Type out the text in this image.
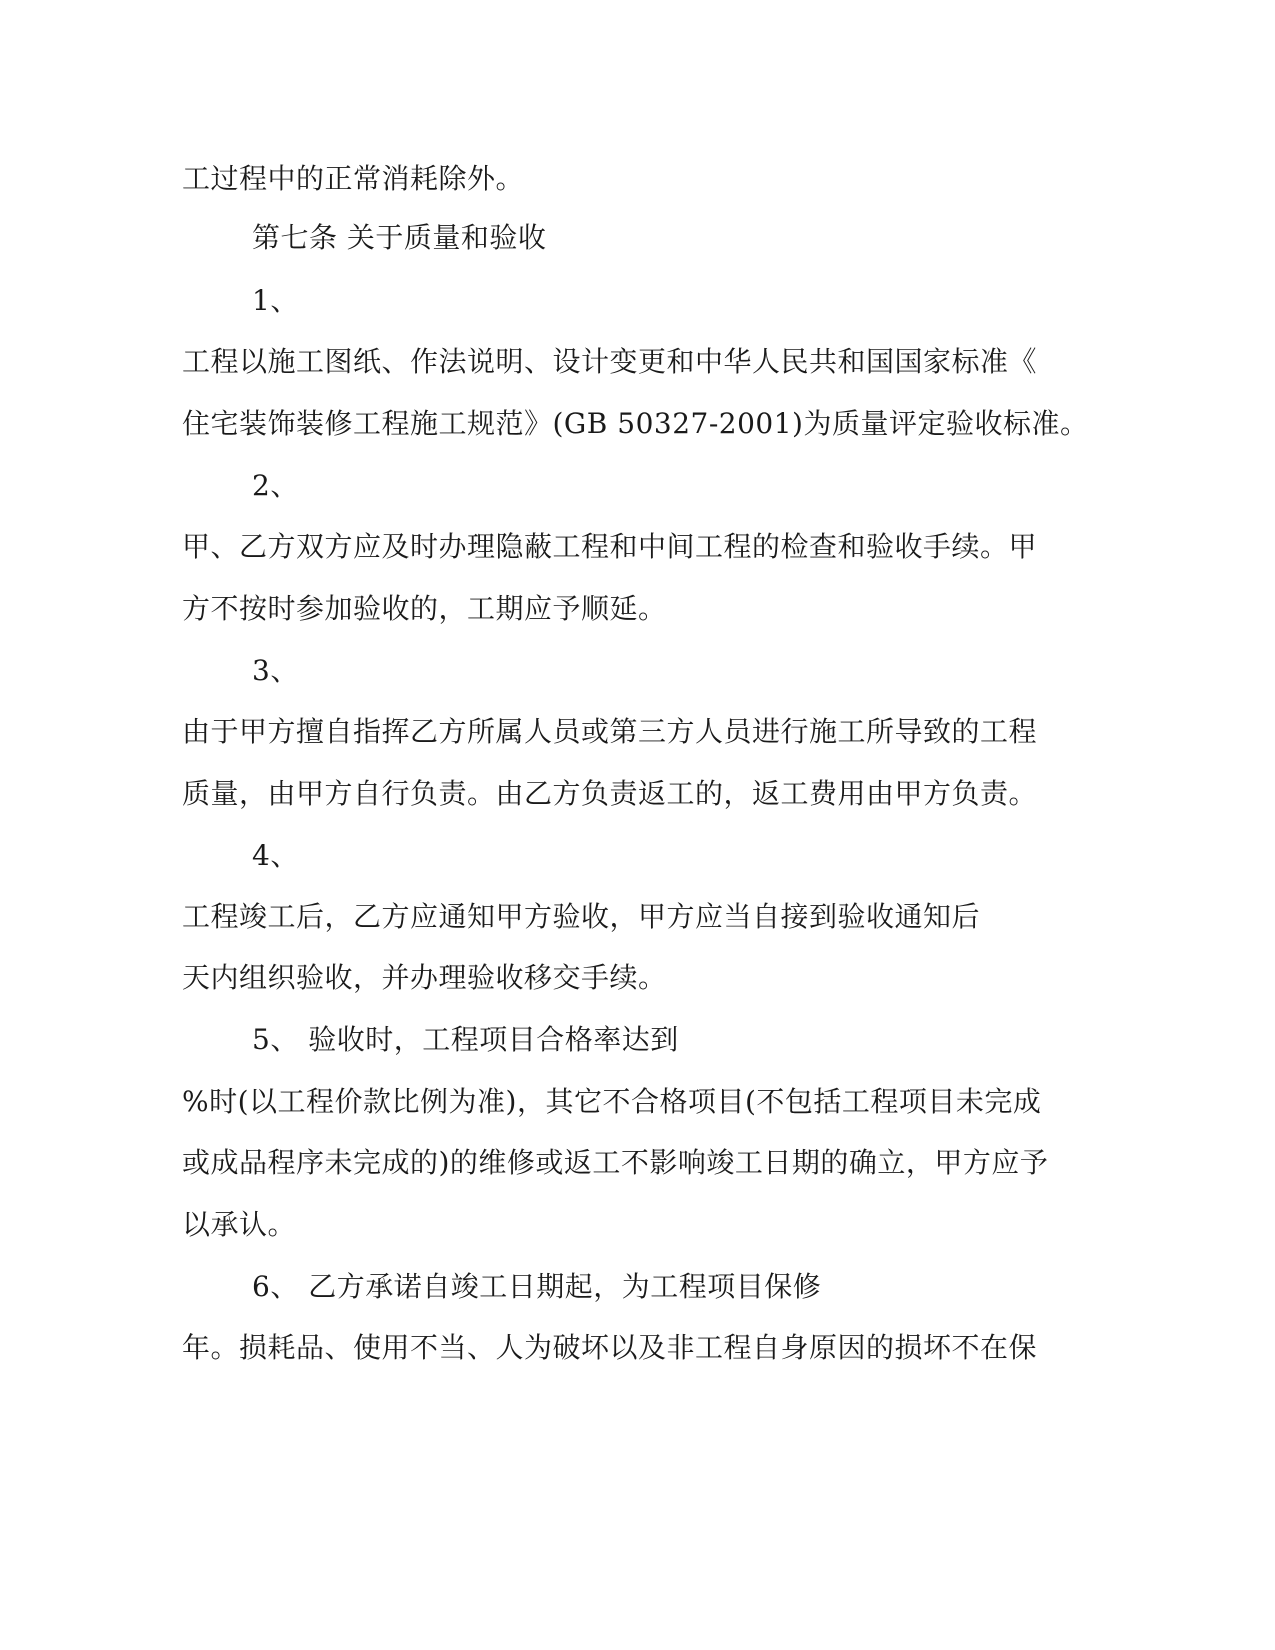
工过程中的正常消耗除外。
第七条 关于质量和验收
1、
工程以施工图纸、作法说明、设计变更和中华人民共和国国家标准《
住宅装饰装修工程施工规范》(GB 50327-2001)为质量评定验收标准。
2、
甲、乙方双方应及时办理隐蔽工程和中间工程的检查和验收手续。甲
方不按时参加验收的，工期应予顺延。
3、
由于甲方擅自指挥乙方所属人员或第三方人员进行施工所导致的工程
质量，由甲方自行负责。由乙方负责返工的，返工费用由甲方负责。
4、
工程竣工后，乙方应通知甲方验收，甲方应当自接到验收通知后
天内组织验收，并办理验收移交手续。
5、 验收时，工程项目合格率达到
%时(以工程价款比例为准)，其它不合格项目(不包括工程项目未完成
或成品程序未完成的)的维修或返工不影响竣工日期的确立，甲方应予
以承认。
6、 乙方承诺自竣工日期起，为工程项目保修
年。损耗品、使用不当、人为破坏以及非工程自身原因的损坏不在保
